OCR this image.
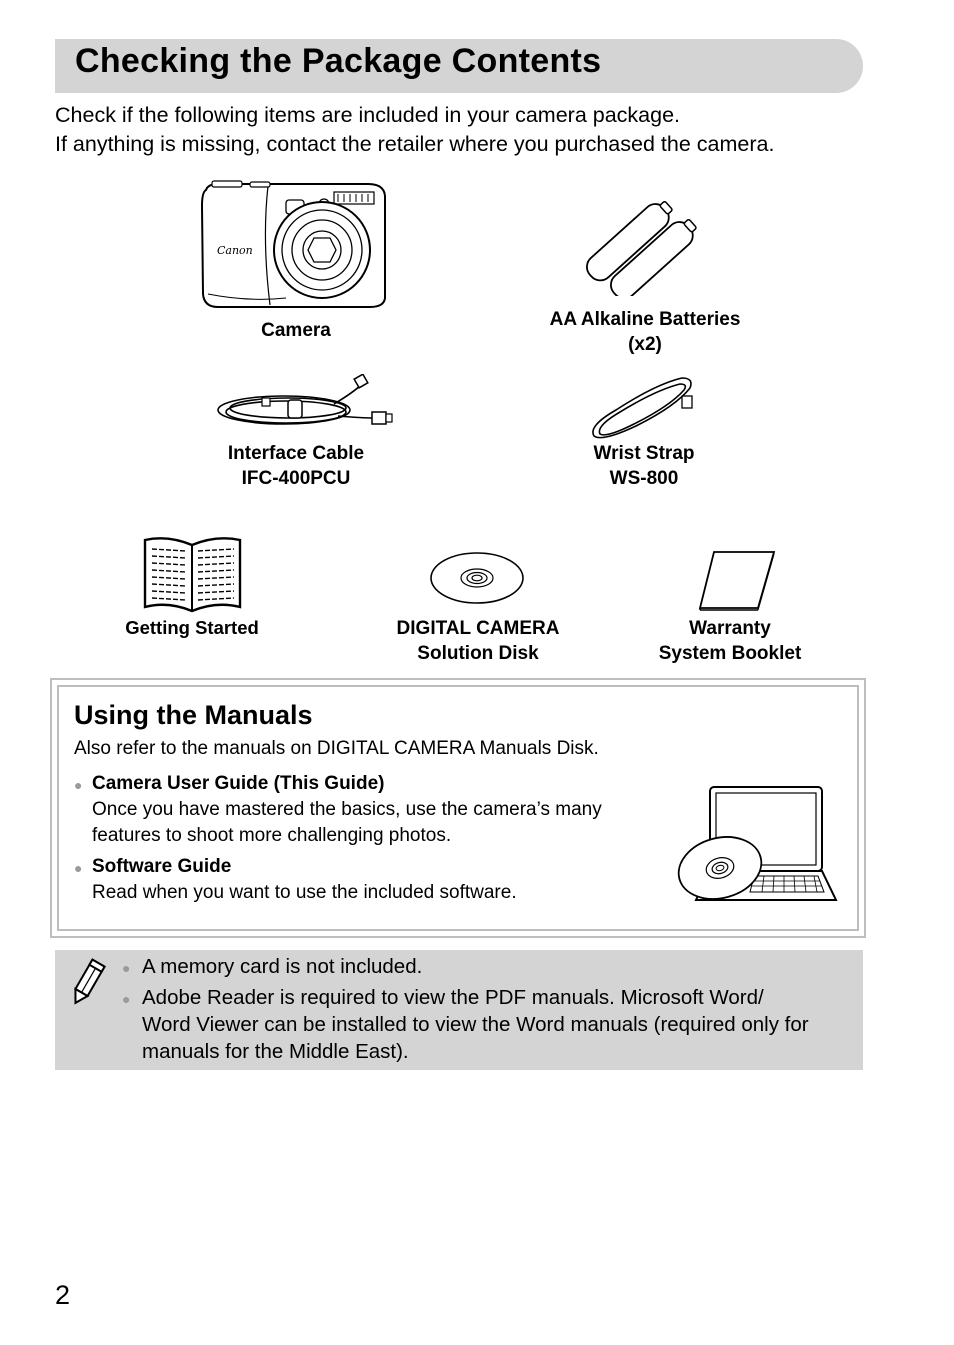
Checking the Package Contents
Check if the following items are included in your camera package.
If anything is missing, contact the retailer where you purchased the camera.
Canon
Camera
AA Alkaline Batteries
(x2)
Interface Cable
IFC-400PCU
Wrist Strap
WS-800
Getting Started	DIGITAL CAMERA
Solution Disk
Warranty
System Booklet
Using the Manuals
Also refer to the manuals on DIGITAL CAMERA Manuals Disk.
● Camera User Guide (This Guide)
Once you have mastered the basics, use the camera’s many
features to shoot more challenging photos.
● Software Guide
Read when you want to use the included software.
● A memory card is not included.
● Adobe Reader is required to view the PDF manuals. Microsoft Word/
Word Viewer can be installed to view the Word manuals (required only for
manuals for the Middle East).
2
